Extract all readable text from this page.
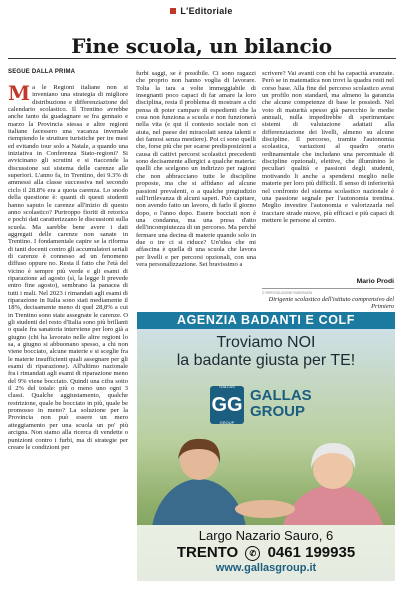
L'Editoriale
Fine scuola, un bilancio
SEGUE DALLA PRIMA
M a le Regioni italiane non si inventano una strategia di migliore distribuzione e differenziazione del calendario scolastico. Il Trentino avrebbe anche tanto da guadagnare se fra gennaio e marzo la Provincia stessa e altre regioni italiane facessero una vacanza invernale riempiendo le strutture turistiche per tre mesi ed evitando tour solo a Natale, a quando una iniziativa in Conferenza Stato-regioni? Si avvicinano gli scrutini e si riaccende la discussione sui sistema delle carenze alle superiori. L'anno fa, in Trentino, dei 9.3% di ammessi alla classe successiva nel secondo ciclo il 28.8% era a quota carenza. Lo snodo della questione è: quanti di questi studenti hanno saputo le carenze all'inizio di questo anno scolastico? Purtroppo fioriti di retorica e pochi dati caratterizzano le discussioni sulla scuola. Ma sarebbe bene avere i dati aggregati delle carenze non sanate in Trentino. I fondamentale capire se la riforma di tanti docenti contro gli accumulatori seriali di carenze è connesso ad un fenomeno diffuso oppure no. Resta il fatto che l'età del vicino è sempre più verde e gli esami di riparazione ad agosto (sì, la legge li prevede entro fine agosto), sembrano la panacea di tutti i mali. Nel 2023 i rimandati agli esami di riparazione in Italia sono stati mediamente il 18%, decisamente meno di quel 28,8% a cui in Trentino sono state assegnate le carenze. O gli studenti del resto d'Italia sono più brillanti o quale fra sanatoria interviene per loro già a giugno (chi ha lavorato nelle altre regioni lo sa, a giugno si abbuonano spesso, a chi non viene bocciato, alcune materie e si sceglie fra le materie insufficienti quali assegnare per gli esami di riparazione). All'ultimo nazionale fra i rimandati agli esami di riparazione meno del 9% viene bocciato. Quindi una cifra sotto il 2% del totale: più o meno uno ogni 3 classi. Qualche aggiustamento, qualche restrizione, quale be bocciato in più, quale be promosso in meno? La soluzione per la Provincia non può essere un mero atteggiamento per una scuola un po' più arcigna. Non siamo alla ricerca di vendette o punizioni contro i furbi, ma di strategie per creare le condizioni per

furbi saggi, se è possibile. Ci sono ragazzi che proprio non hanno voglia di lavorare. Tolta la tara a volte immeggiabile di insegnanti poco capaci di far amare la loro disciplina, resta il problema di mostrare a chi pensa di poter campare di espedienti che la cosa non funziona a scuola e non funzionerà nella vita (e qui il contesto sociale non ci aiuta, nel paese dei miracolati senza talenti e dei famosi senza mestiere). Poi ci sono quelli che, forse più che per scarse predisposizioni a causa di cattivi percorsi scolastici precedenti sono decisamente allergici a qualche materia: quelli che scelgono un indirizzo per ragioni che non abbracciano tutte le discipline proposte, ma che si affidano ad alcune passioni prevalenti, o a qualche pregiudizio sull'irrilevanza di alcuni saperi. Può capitare, non avendo fatto un lavoro, di farlo il giorno dopo, o l'anno dopo. Essere bocciati non è una condanna, ma una presa d'atto dell'incompiutezza di un percorso. Ma perché fermare una decina di materie quando solo in due o tre ci si riduce? Un'idea che mi affascina è quella di una scuola che lavora per livelli e per percorsi opzionali, con una vera personalizzazione. Sei bravissimo a

scrivere? Vai avanti con chi ha capacità avanzate. Però se in matematica non trovi la quadra resti nel corso base. Alla fine del percorso scolastico avrai un profilo non standard, ma almeno la garanzia che alcune competenze di base le possiedi. Nel voto di maturità spesso già parecchio le medie annuali, nulla impedirebbe di sperimentare sistemi di valutazione adattati alla differenziazione dei livelli, almeno su alcune discipline. Il percorso, tramite l'autonomia scolastica, variazioni al quadro orario ordinamentale che includano una percentuale di discipline opzionali, elettive, che illuminino le peculiari qualità e passioni degli studenti, motivando li anche a spendersi meglio nelle materie per loro più difficili. Il senso di inferiorità nel confronto del sistema scolastico nazionale è una passione segnale per l'autonomia trentina. Meglio investire l'autonomia e valorizzarla nel tracciare strade nuove, più efficaci e più capaci di mettere le persone al centro.

Mario Prodi
© RIPRODUZIONE RISERVATA
Dirigente scolastico dell'istituto comprensivo del Primiero
AGENZIA BADANTI E COLF
Troviamo NOI
la badante giusta per TE!
GALLAS
GG
GROUP
GALLAS
GROUP
Largo Nazario Sauro, 6
TRENTO ✆ 0461 199935
www.gallasgroup.it
